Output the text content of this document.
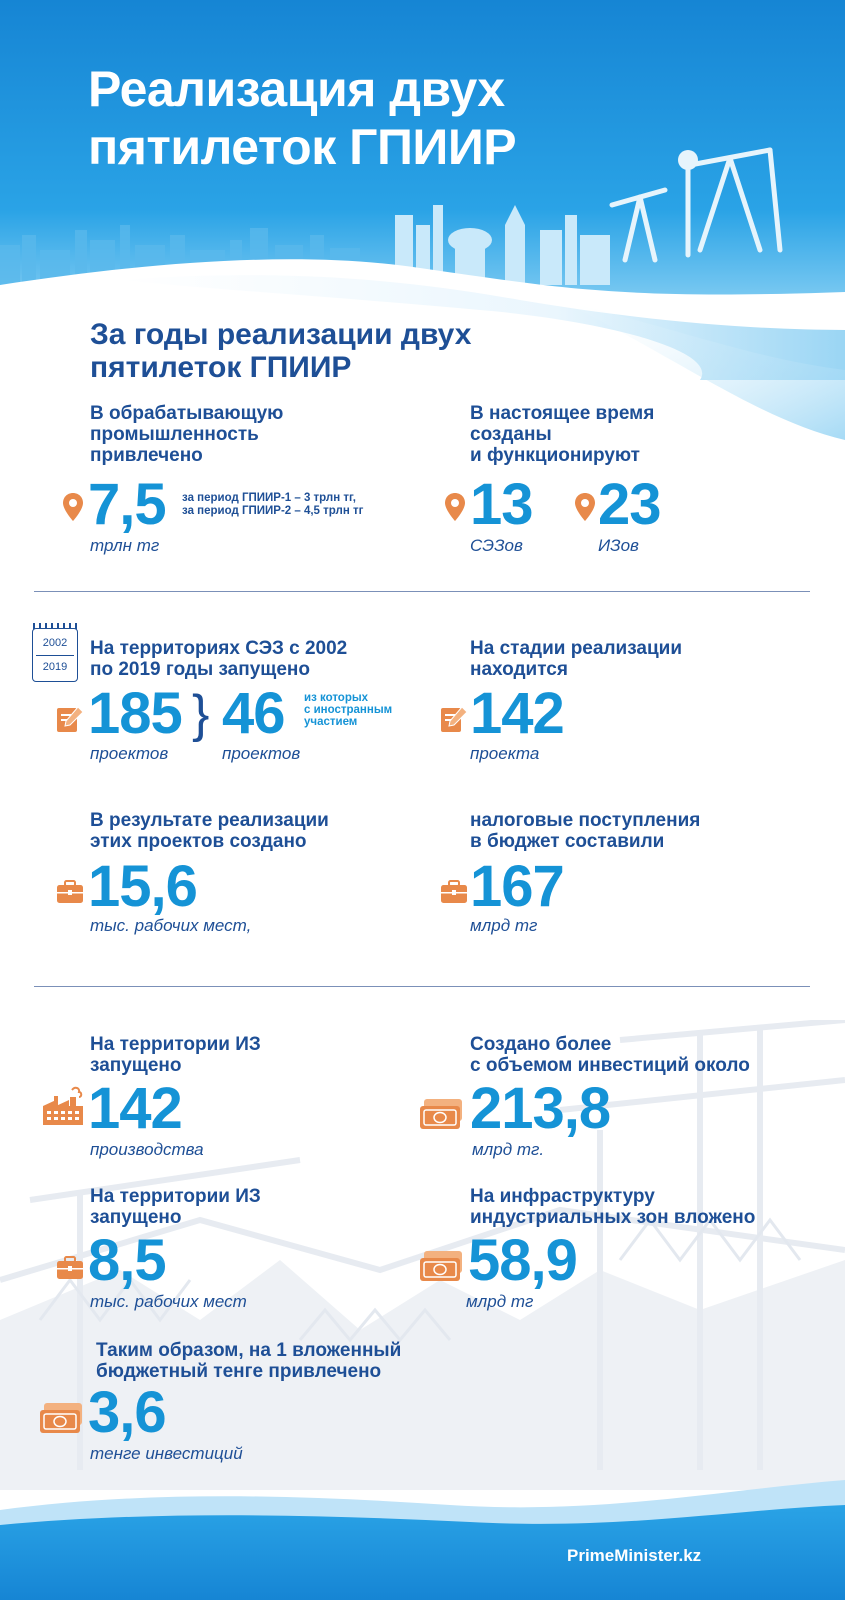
Реализация двух
пятилеток ГПИИР
За годы реализации двух
пятилеток ГПИИР
В обрабатывающую
промышленность
привлечено
7,5 за период ГПИИР-1 – 3 трлн тг,
за период ГПИИР-2 – 4,5 трлн тг
трлн тг
В настоящее время
созданы
и функционируют
13
СЭЗов
23
ИЗов
2002
2019
На территориях СЭЗ с 2002
по 2019 годы запущено
185
проектов
} 46 из которых
с иностранным
участием
проектов
На стадии реализации
находится
142
проекта
В результате реализации
этих проектов создано
15,6
тыс. рабочих мест,
налоговые поступления
в бюджет составили
167
млрд тг
На территории ИЗ
запущено
142
производства
Создано более
с объемом инвестиций около
213,8
млрд тг.
На территории ИЗ
запущено
8,5
тыс. рабочих мест
На инфраструктуру
индустриальных зон вложено
58,9
млрд тг
Таким образом, на 1 вложенный
бюджетный тенге привлечено
3,6
тенге инвестиций
PrimeMinister.kz
